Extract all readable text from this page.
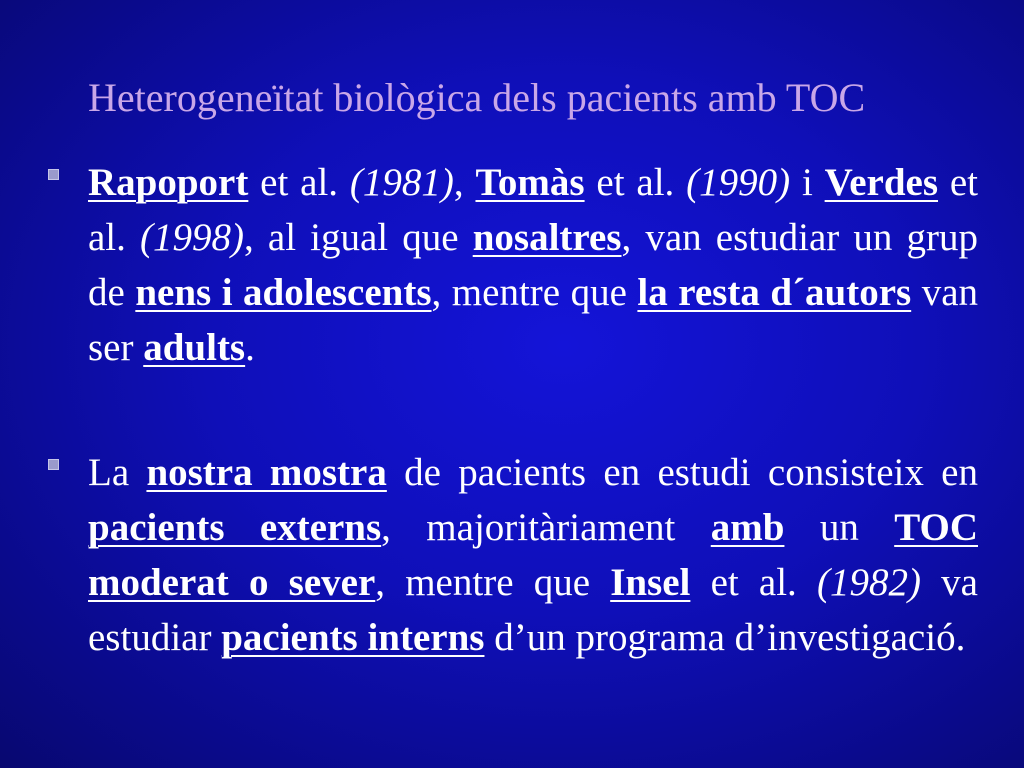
Heterogeneïtat biològica dels pacients amb TOC
Rapoport et al. (1981), Tomàs et al. (1990) i Verdes et al. (1998), al igual que nosaltres, van estudiar un grup de nens i adolescents, mentre que la resta d´autors van ser adults.
La nostra mostra de pacients en estudi consisteix en pacients externs, majoritàriament amb un TOC moderat o sever, mentre que Insel et al. (1982) va estudiar pacients interns d’un programa d’investigació.
